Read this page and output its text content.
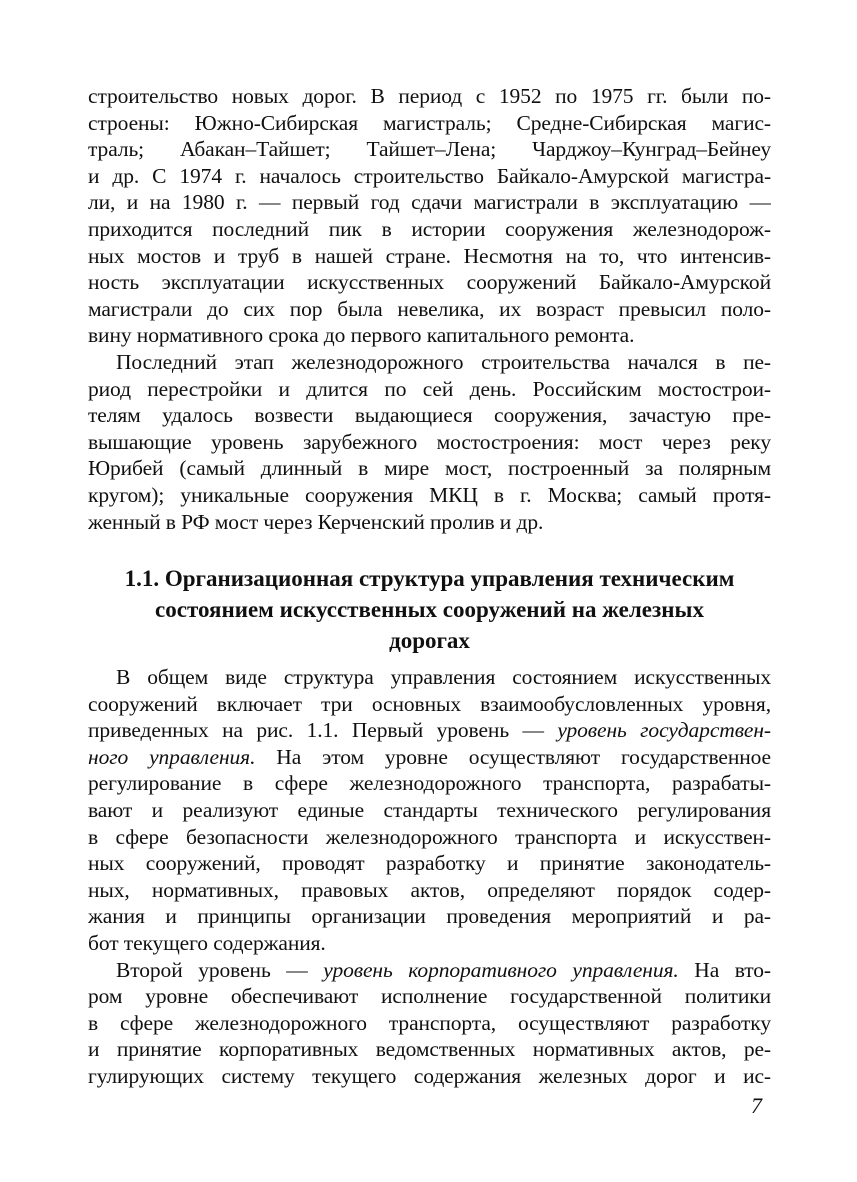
строительство новых дорог. В период с 1952 по 1975 гг. были по-
строены: Южно-Сибирская магистраль; Средне-Сибирская магис-
траль; Абакан–Тайшет; Тайшет–Лена; Чарджоу–Кунград–Бейнеу
и др. С 1974 г. началось строительство Байкало-Амурской магистра-
ли, и на 1980 г. — первый год сдачи магистрали в эксплуатацию —
приходится последний пик в истории сооружения железнодорож-
ных мостов и труб в нашей стране. Несмотня на то, что интенсив-
ность эксплуатации искусственных сооружений Байкало-Амурской
магистрали до сих пор была невелика, их возраст превысил поло-
вину нормативного срока до первого капитального ремонта.

Последний этап железнодорожного строительства начался в пе-
риод перестройки и длится по сей день. Российским мостострои-
телям удалось возвести выдающиеся сооружения, зачастую пре-
вышающие уровень зарубежного мостостроения: мост через реку
Юрибей (самый длинный в мире мост, построенный за полярным
кругом); уникальные сооружения МКЦ в г. Москва; самый протя-
женный в РФ мост через Керченский пролив и др.

1.1. Организационная структура управления техническим
состоянием искусственных сооружений на железных
дорогах

В общем виде структура управления состоянием искусственных
сооружений включает три основных взаимообусловленных уровня,
приведенных на рис. 1.1. Первый уровень — уровень государствен-
ного управления. На этом уровне осуществляют государственное
регулирование в сфере железнодорожного транспорта, разрабаты-
вают и реализуют единые стандарты технического регулирования
в сфере безопасности железнодорожного транспорта и искусствен-
ных сооружений, проводят разработку и принятие законодатель-
ных, нормативных, правовых актов, определяют порядок содер-
жания и принципы организации проведения мероприятий и ра-
бот текущего содержания.

Второй уровень — уровень корпоративного управления. На вто-
ром уровне обеспечивают исполнение государственной политики
в сфере железнодорожного транспорта, осуществляют разработку
и принятие корпоративных ведомственных нормативных актов, ре-
гулирующих систему текущего содержания железных дорог и ис-

7
